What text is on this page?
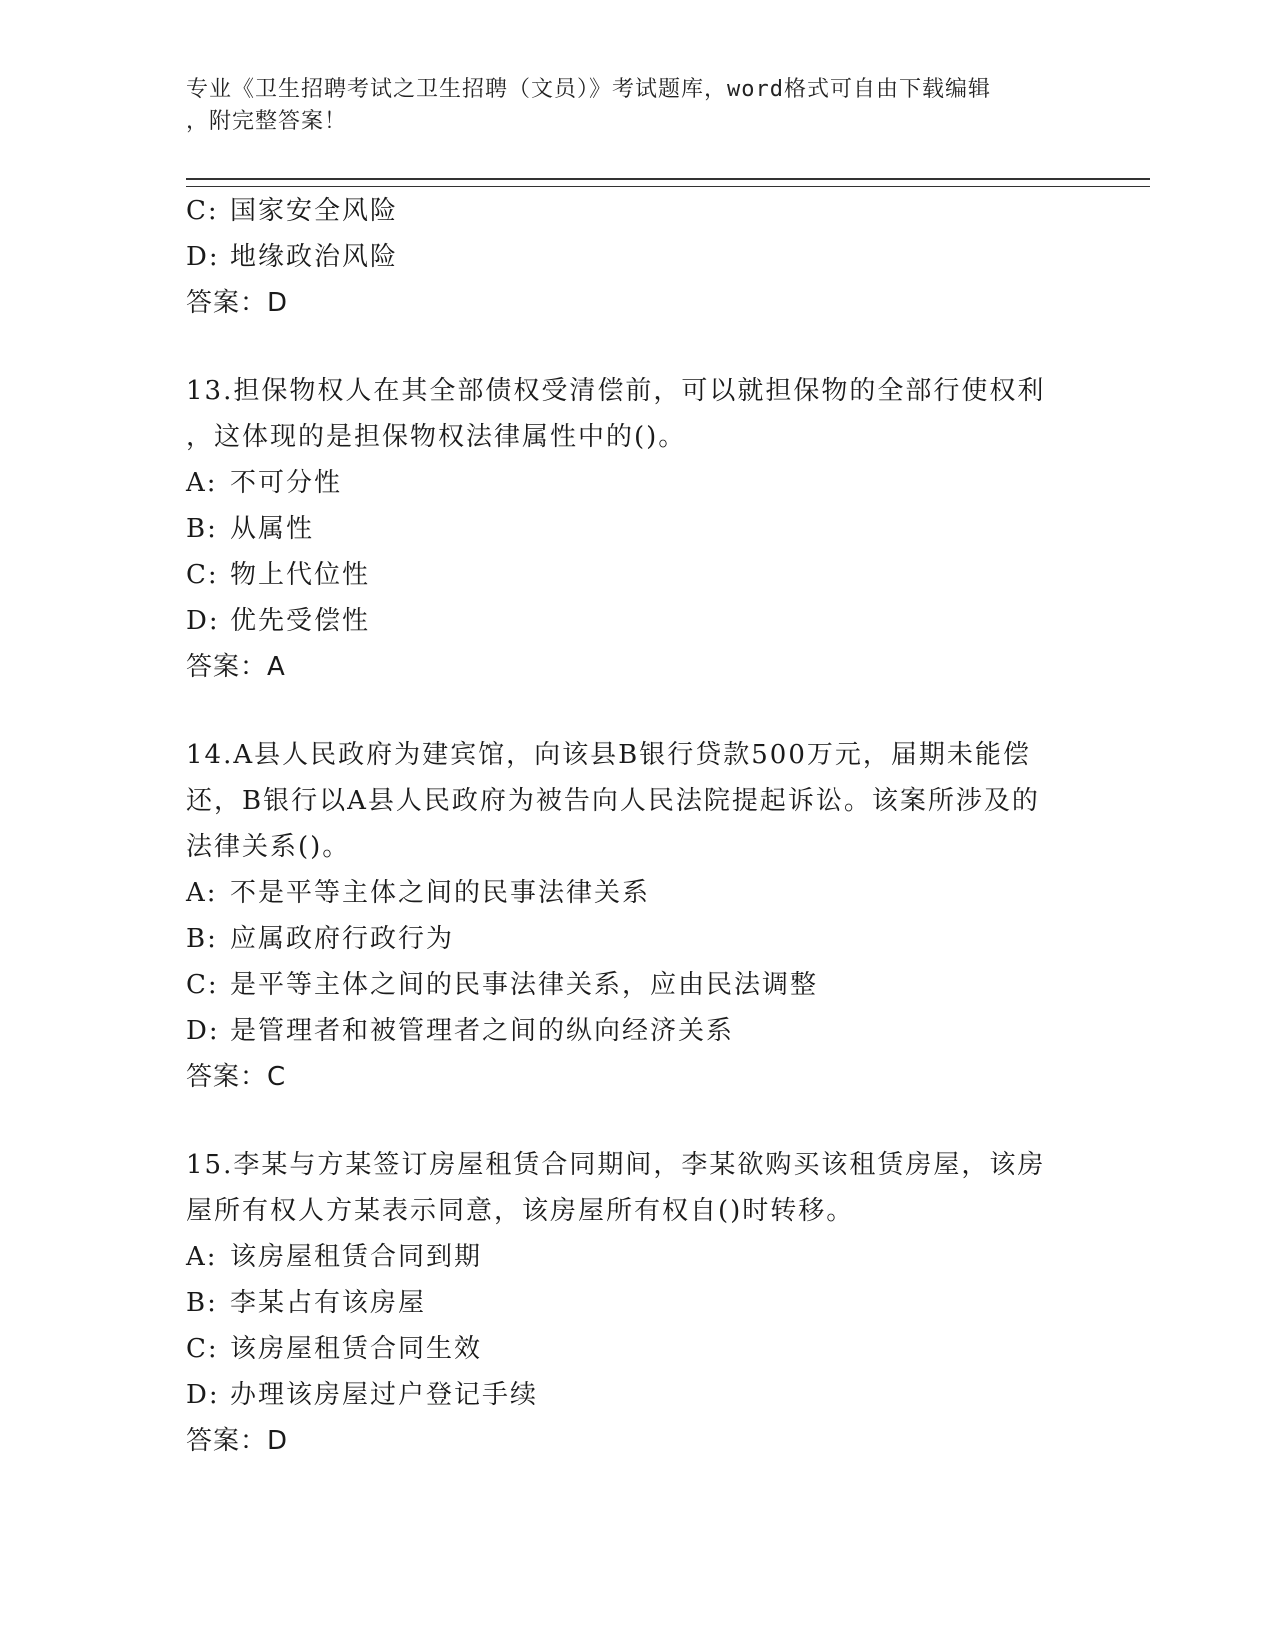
专业《卫生招聘考试之卫生招聘（文员）》考试题库，word格式可自由下载编辑
，附完整答案！
C: 国家安全风险
D: 地缘政治风险
答案：D
13.担保物权人在其全部债权受清偿前，可以就担保物的全部行使权利
，这体现的是担保物权法律属性中的()。
A: 不可分性
B: 从属性
C: 物上代位性
D: 优先受偿性
答案：A
14.A县人民政府为建宾馆，向该县B银行贷款500万元，届期未能偿
还，B银行以A县人民政府为被告向人民法院提起诉讼。该案所涉及的
法律关系()。
A: 不是平等主体之间的民事法律关系
B: 应属政府行政行为
C: 是平等主体之间的民事法律关系，应由民法调整
D: 是管理者和被管理者之间的纵向经济关系
答案：C
15.李某与方某签订房屋租赁合同期间，李某欲购买该租赁房屋，该房
屋所有权人方某表示同意，该房屋所有权自()时转移。
A: 该房屋租赁合同到期
B: 李某占有该房屋
C: 该房屋租赁合同生效
D: 办理该房屋过户登记手续
答案：D
